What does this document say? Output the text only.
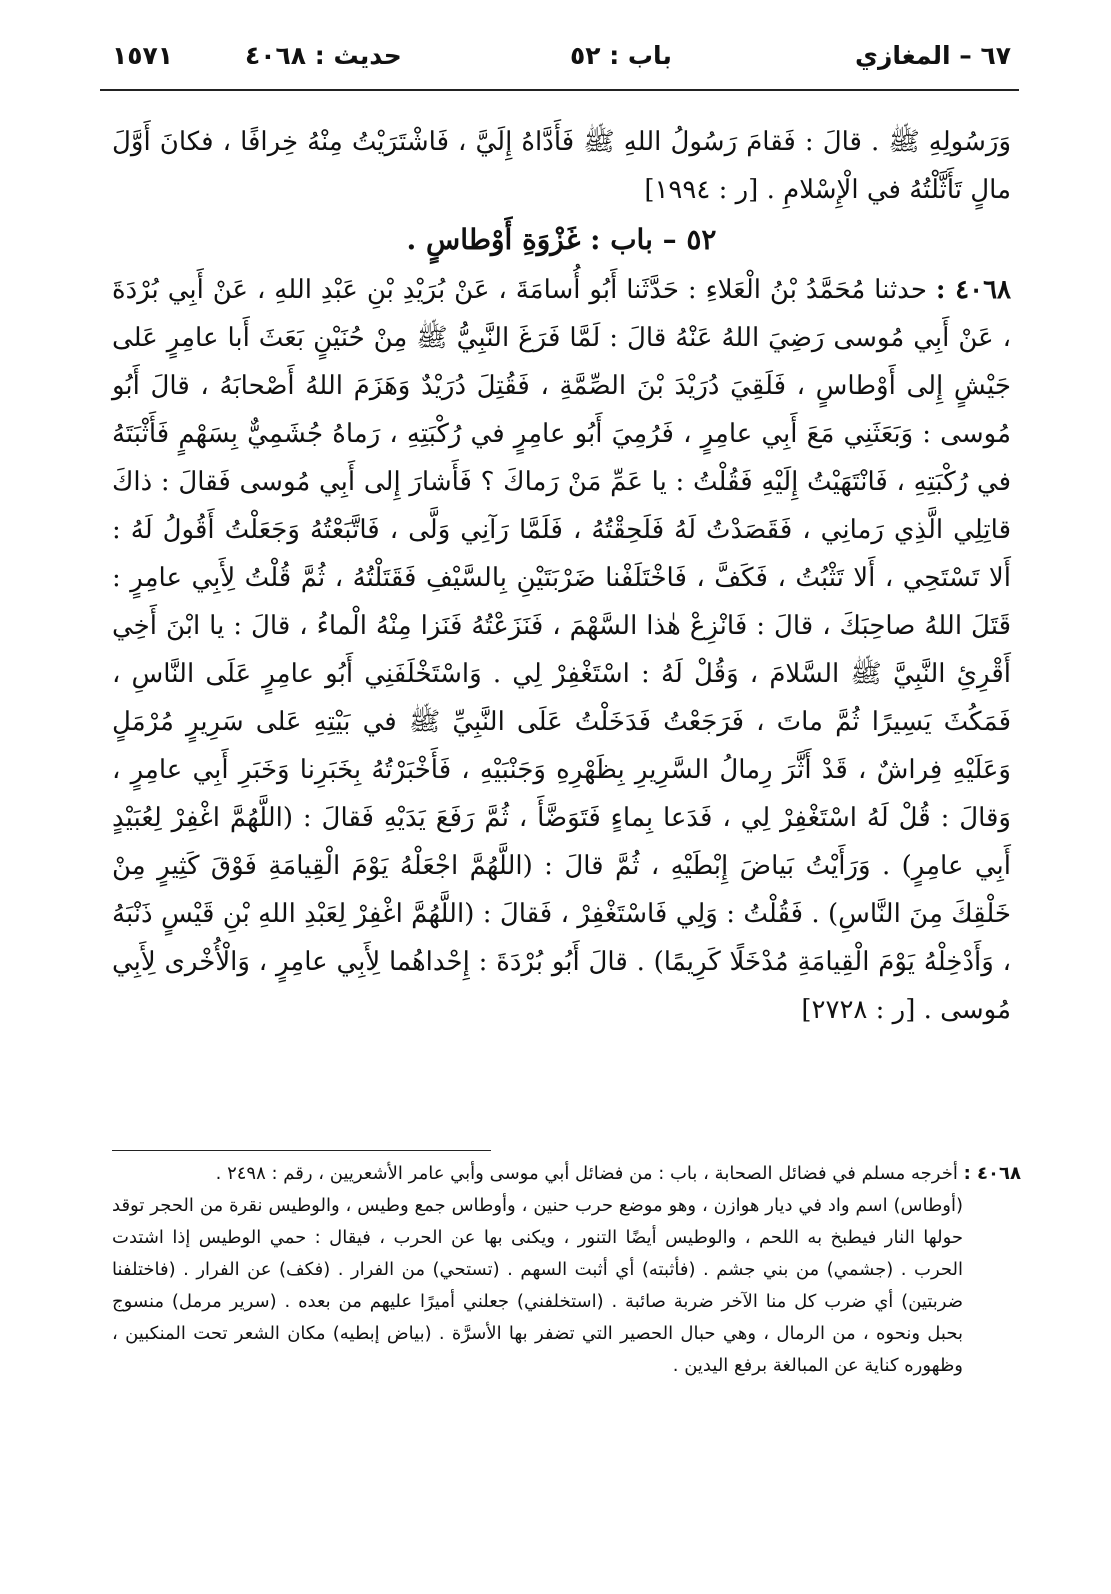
١٥٧١	حديث : ٤٠٦٨	باب : ٥٢	٦٧ – المغازي

وَرَسُولِهِ ﷺ . قالَ : فَقامَ رَسُولُ اللهِ ﷺ فَأَدَّاهُ إِلَيَّ ، فَاشْتَرَيْتُ مِنْهُ خِرافًا ، فكانَ أَوَّلَ مالٍ تَأَثَّلْتُهُ في الْإِسْلامِ . [ر : ١٩٩٤]

٥٢ – باب : غَزْوَةِ أَوْطاسٍ .

٤٠٦٨ : حدثنا مُحَمَّدُ بْنُ الْعَلاءِ : حَدَّثَنا أَبُو أُسامَةَ ، عَنْ بُرَيْدِ بْنِ عَبْدِ اللهِ ، عَنْ أَبِي بُرْدَةَ ، عَنْ أَبِي مُوسى رَضِيَ اللهُ عَنْهُ قالَ : لَمَّا فَرَغَ النَّبِيُّ ﷺ مِنْ حُنَيْنٍ بَعَثَ أَبا عامِرٍ عَلى جَيْشٍ إِلى أَوْطاسٍ ، فَلَقِيَ دُرَيْدَ بْنَ الصِّمَّةِ ، فَقُتِلَ دُرَيْدٌ وَهَزَمَ اللهُ أَصْحابَهُ ، قالَ أَبُو مُوسى : وَبَعَثَنِي مَعَ أَبِي عامِرٍ ، فَرُمِيَ أَبُو عامِرٍ في رُكْبَتِهِ ، رَماهُ جُشَمِيٌّ بِسَهْمٍ فَأَثْبَتَهُ في رُكْبَتِهِ ، فَانْتَهَيْتُ إِلَيْهِ فَقُلْتُ : يا عَمِّ مَنْ رَماكَ ؟ فَأَشارَ إِلى أَبِي مُوسى فَقالَ : ذاكَ قاتِلِي الَّذِي رَمانِي ، فَقَصَدْتُ لَهُ فَلَحِقْتُهُ ، فَلَمَّا رَآنِي وَلَّى ، فَاتَّبَعْتُهُ وَجَعَلْتُ أَقُولُ لَهُ : أَلا تَسْتَحِي ، أَلا تَثْبُتُ ، فَكَفَّ ، فَاخْتَلَفْنا ضَرْبَتَيْنِ بِالسَّيْفِ فَقَتَلْتُهُ ، ثُمَّ قُلْتُ لِأَبِي عامِرٍ : قَتَلَ اللهُ صاحِبَكَ ، قالَ : فَانْزِعْ هٰذا السَّهْمَ ، فَنَزَعْتُهُ فَنَزا مِنْهُ الْماءُ ، قالَ : يا ابْنَ أَخِي أَقْرِئِ النَّبِيَّ ﷺ السَّلامَ ، وَقُلْ لَهُ : اسْتَغْفِرْ لِي . وَاسْتَخْلَفَنِي أَبُو عامِرٍ عَلَى النَّاسِ ، فَمَكُثَ يَسِيرًا ثُمَّ ماتَ ، فَرَجَعْتُ فَدَخَلْتُ عَلَى النَّبِيِّ ﷺ في بَيْتِهِ عَلى سَرِيرٍ مُرْمَلٍ وَعَلَيْهِ فِراشٌ ، قَدْ أَثَّرَ رِمالُ السَّرِيرِ بِظَهْرِهِ وَجَنْبَيْهِ ، فَأَخْبَرْتُهُ بِخَبَرِنا وَخَبَرِ أَبِي عامِرٍ ، وَقالَ : قُلْ لَهُ اسْتَغْفِرْ لِي ، فَدَعا بِماءٍ فَتَوَضَّأَ ، ثُمَّ رَفَعَ يَدَيْهِ فَقالَ : (اللَّهُمَّ اغْفِرْ لِعُبَيْدٍ أَبِي عامِرٍ) . وَرَأَيْتُ بَياضَ إِبْطَيْهِ ، ثُمَّ قالَ : (اللَّهُمَّ اجْعَلْهُ يَوْمَ الْقِيامَةِ فَوْقَ كَثِيرٍ مِنْ خَلْقِكَ مِنَ النَّاسِ) . فَقُلْتُ : وَلِي فَاسْتَغْفِرْ ، فَقالَ : (اللَّهُمَّ اغْفِرْ لِعَبْدِ اللهِ بْنِ قَيْسٍ ذَنْبَهُ ، وَأَدْخِلْهُ يَوْمَ الْقِيامَةِ مُدْخَلًا كَرِيمًا) . قالَ أَبُو بُرْدَةَ : إِحْداهُما لِأَبِي عامِرٍ ، وَالْأُخْرى لِأَبِي مُوسى . [ر : ٢٧٢٨]

٤٠٦٨ : أخرجه مسلم في فضائل الصحابة ، باب : من فضائل أبي موسى وأبي عامر الأشعريين ، رقم : ٢٤٩٨ .

(أوطاس) اسم واد في ديار هوازن ، وهو موضع حرب حنين ، وأوطاس جمع وطيس ، والوطيس نقرة من الحجر توقد حولها النار فيطبخ به اللحم ، والوطيس أيضًا التنور ، ويكنى بها عن الحرب ، فيقال : حمي الوطيس إذا اشتدت الحرب . (جشمي) من بني جشم . (فأثبته) أي أثبت السهم . (تستحي) من الفرار . (فكف) عن الفرار . (فاختلفنا ضربتين) أي ضرب كل منا الآخر ضربة صائبة . (استخلفني) جعلني أميرًا عليهم من بعده . (سرير مرمل) منسوج بحبل ونحوه ، من الرمال ، وهي حبال الحصير التي تضفر بها الأسرَّة . (بياض إبطيه) مكان الشعر تحت المنكبين ، وظهوره كناية عن المبالغة برفع اليدين .
